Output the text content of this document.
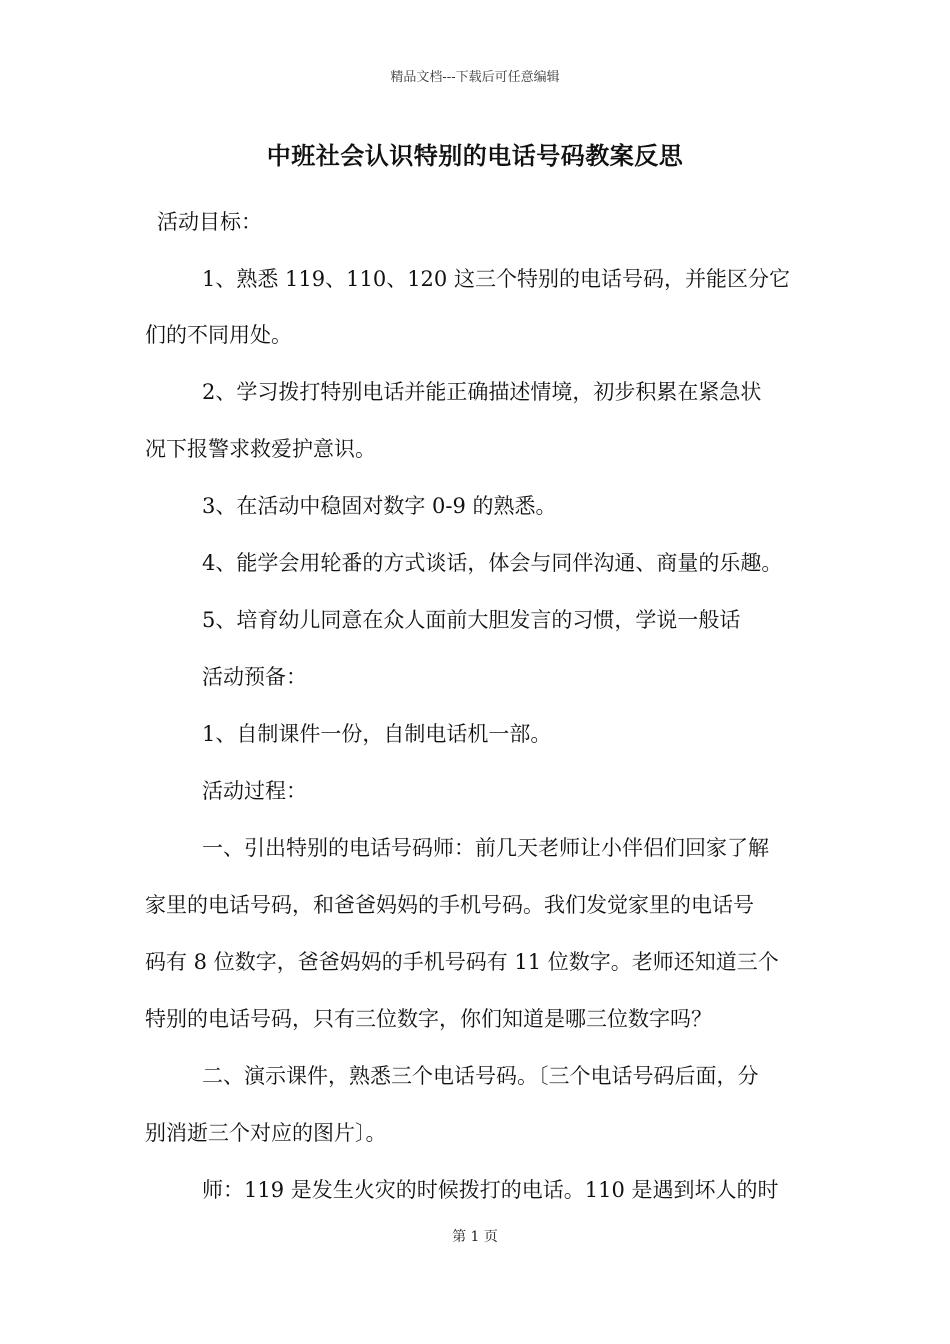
精品文档---下载后可任意编辑
中班社会认识特别的电话号码教案反思
活动目标：
1、熟悉 119、110、120 这三个特别的电话号码，并能区分它
们的不同用处。
2、学习拨打特别电话并能正确描述情境，初步积累在紧急状
况下报警求救爱护意识。
3、在活动中稳固对数字 0-9 的熟悉。
4、能学会用轮番的方式谈话，体会与同伴沟通、商量的乐趣。
5、培育幼儿同意在众人面前大胆发言的习惯，学说一般话
活动预备：
1、自制课件一份，自制电话机一部。
活动过程：
一、引出特别的电话号码师：前几天老师让小伴侣们回家了解
家里的电话号码，和爸爸妈妈的手机号码。我们发觉家里的电话号
码有 8 位数字，爸爸妈妈的手机号码有 11 位数字。老师还知道三个
特别的电话号码，只有三位数字，你们知道是哪三位数字吗？
二、演示课件，熟悉三个电话号码。〔三个电话号码后面，分
别消逝三个对应的图片〕。
师：119 是发生火灾的时候拨打的电话。110 是遇到坏人的时
第 1 页
